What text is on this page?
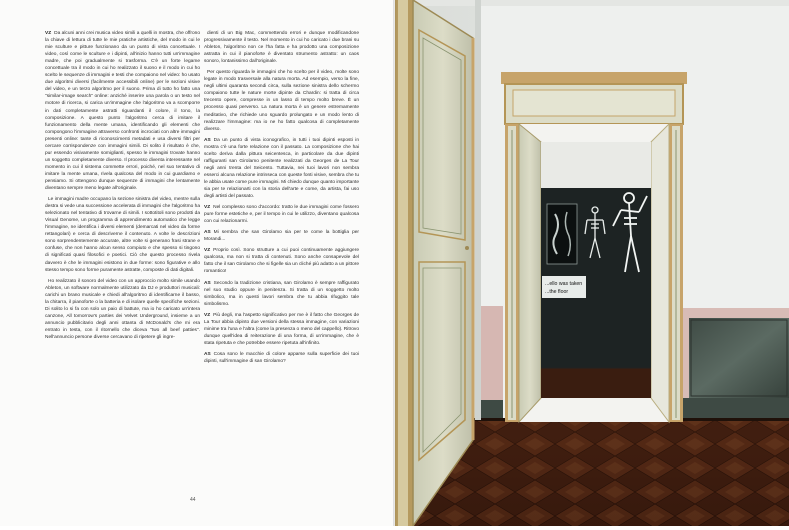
VZ Da alcuni anni crei musica video simili a quelli in mostra, che offrono la chiave di lettura di tutte le mie pratiche artistiche, del modo in cui le mie sculture e pitture funzionano da un punto di vista concettuale. I video, così come le sculture e i dipinti, all'inizio hanno tutti un'immagine madre, che poi gradualmente si trasforma. C'è un forte legame concettuale tra il modo in cui ho realizzato il suono e il modo in cui ho scelto le sequenze di immagini e testi che compaiono nel video: ho usato due algoritmi diversi (facilmente accessibili online) per le sezioni visive del video, e un terzo algoritmo per il suono. Prima di tutto ho fatto una "similar-image search" online: anziché inserire una parola o un testo nel motore di ricerca, si carica un'immagine che l'algoritmo va a scomporre in dati completamente astratti riguardanti il colore, il tono, la composizione. A questo punto l'algoritmo cerca di imitare il funzionamento della mente umana, identificando gli elementi che compongono l'immagine attraverso confronti incrociati con altre immagini presenti online: tante di riconoscimenti metadati e usa diversi filtri per cercare corrispondenze con immagini simili. Di solito il risultato è che, pur essendo visivamente somiglianti, spesso le immagini trovate hanno un soggetto completamente diverso. Il processo diventa interessante nel momento in cui il sistema commette errori, poiché, nel suo tentativo di imitare la mente umana, rivela qualcosa del modo in cui guardiamo e pensiamo. Si ottengono dunque sequenze di immagini che lentamente diventano sempre meno legate all'originale.

Le immagini madre occupano la sezione sinistra del video, mentre sulla destra si vede una successione accelerata di immagini che l'algoritmo ha selezionato nel tentativo di trovarne di simili. I sottotitoli sono prodotti da Visual Genome, un programma di apprendimento automatico che legge l'immagine, ne identifica i diversi elementi (demarcati nel video da forme rettangolari) e cerca di descriverne il contenuto. A volte le descrizioni sono sorprendentemente accurate, altre volte si generano frasi strane e confuse, che non hanno alcun senso compiuto e che spesso si tingono di significati quasi filosofici e poetici. Ciò che questo processo rivela davvero è che le immagini esistono in due forme: sono figurative e allo stesso tempo sono forme puramente astratte, composte di dati digitali.

Ho realizzato il sonoro del video con un approccio molto simile usando Ableton, un software normalmente utilizzato da DJ e produttori musicali: carichi un brano musicale e chiedi all'algoritmo di identificarne il basso, la chitarra, il pianoforte o la batteria e di isolare quelle specifiche sezioni. Di solito lo si fa con solo un paio di battute, ma io ho caricato un'intera canzone, All tomorrow's parties dei Velvet Underground, insieme a un annuncio pubblicitario degli anni ottanta di McDonald's che mi era entrato in testa, con il ritornello che diceva "two all beef patties". Nell'annuncio persone diverse cercavano di ripetere gli ingre-

dienti di un Big Mac, commettendo errori e dunque modificandone progressivamente il testo. Nel momento in cui ho caricato i due brani su Ableton, l'algoritmo non ce l'ha fatta e ha prodotto una composizione astratta in cui il pianoforte è diventato strumento astratto: un caos sonoro, lontanissimo dall'originale.

Per questo riguarda le immagini che ho scelto per il video, molte sono legate in modo trasversale alla natura morta. Ad esempio, verso la fine, negli ultimi quaranta secondi circa, sulla sezione sinistra dello schermo compaiono tutte le nature morte dipinte da Chardin: si tratta di circa trecento opere, compresse in un lasso di tempo molto breve. È un processo quasi perverso. La natura morta è un genere estremamente meditativo, che richiede uno sguardo prolungato e un modo lento di realizzare l'immagine: ma io ne ho fatto qualcosa di completamente diverso.

AS Da un punto di vista iconografico, in tutti i tuoi dipinti esposti in mostra c'è una forte relazione con il passato. La composizione che hai scelto deriva dalla pittura seicentesca, in particolare da due dipinti raffiguranti san Girolamo penitente realizzati da Georges de La Tour negli anni trenta del Seicento. Tuttavia, nei tuoi lavori non sembra esserci alcuna relazione intrinseca con queste fonti visive, sembra che tu le abbia usate come pure immagini. Mi chiedo dunque quanto importante sia per te relazionarti con la storia dell'arte e come, da artista, fai uso degli artisti del passato.

VZ Nel complesso sono d'accordo: tratto le due immagini come fossero pure forme estetiche e, per il tempo in cui le utilizzo, diventano qualcosa con cui relazionarmi.

AS Mi sembra che san Girolamo sia per te come la bottiglia per Morandi...

VZ Proprio così. Sono strutture a cui puoi continuamente aggiungere qualcosa, ma non si tratta di contenuti. Sono anche consapevole del fatto che il san Girolamo che si figelle sia un cliché più adatto a un pittore romantico!

AS Secondo la tradizione cristiana, san Girolamo è sempre raffigurato nel suo studio oppure in penitenza. Si tratta di un soggetto molto simbolico, ma in questi lavori sembra che tu abbia rifuggito tale simbolismo.

VZ Più degli, ma l'aspetto significativo per me è il fatto che Georges de La Tour abbia dipinto due versioni della stessa immagine, con variazioni minime tra l'una e l'altra (come la presenza o meno del cappello). Ritrovo dunque quell'idea di reiterazione di una forma, di un'immagine, che è stata ripetuta e che potrebbe essere ripetuta all'infinito.

AS Cosa sono le macchie di colore apparse sulla superficie dei tuoi dipinti, sull'immagine di san Girolamo?

44
...ello was taken
...the floor
